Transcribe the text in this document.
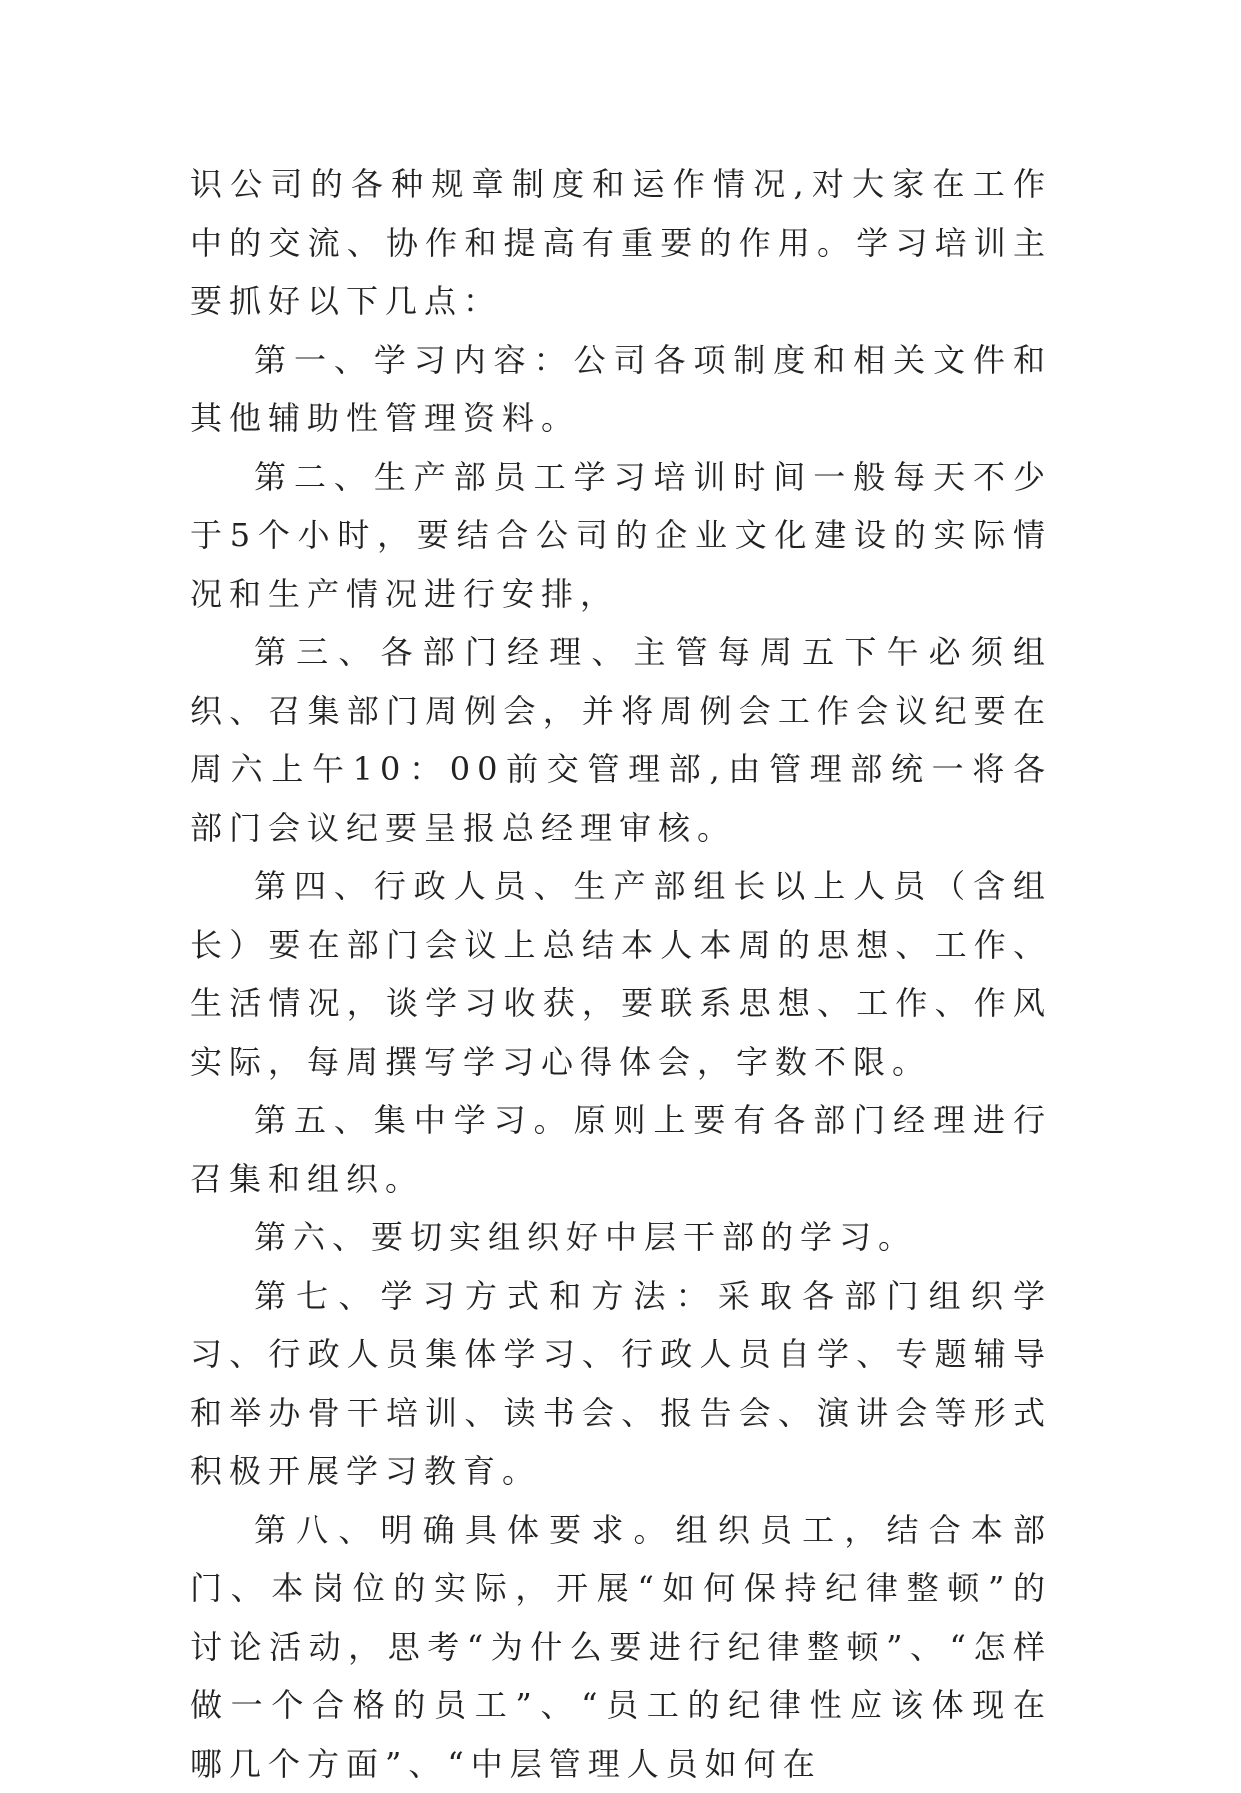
识公司的各种规章制度和运作情况,对大家在工作中的交流、协作和提高有重要的作用。学习培训主要抓好以下几点：

第一、学习内容：公司各项制度和相关文件和其他辅助性管理资料。

第二、生产部员工学习培训时间一般每天不少于5个小时，要结合公司的企业文化建设的实际情况和生产情况进行安排，

第三、各部门经理、主管每周五下午必须组织、召集部门周例会，并将周例会工作会议纪要在周六上午10：00前交管理部,由管理部统一将各部门会议纪要呈报总经理审核。

第四、行政人员、生产部组长以上人员（含组长）要在部门会议上总结本人本周的思想、工作、生活情况，谈学习收获，要联系思想、工作、作风实际，每周撰写学习心得体会，字数不限。

第五、集中学习。原则上要有各部门经理进行召集和组织。

第六、要切实组织好中层干部的学习。

第七、学习方式和方法：采取各部门组织学习、行政人员集体学习、行政人员自学、专题辅导和举办骨干培训、读书会、报告会、演讲会等形式积极开展学习教育。

第八、明确具体要求。组织员工，结合本部门、本岗位的实际，开展“如何保持纪律整顿”的讨论活动，思考“为什么要进行纪律整顿”、“怎样做一个合格的员工”、“员工的纪律性应该体现在哪几个方面”、“中层管理人员如何在
